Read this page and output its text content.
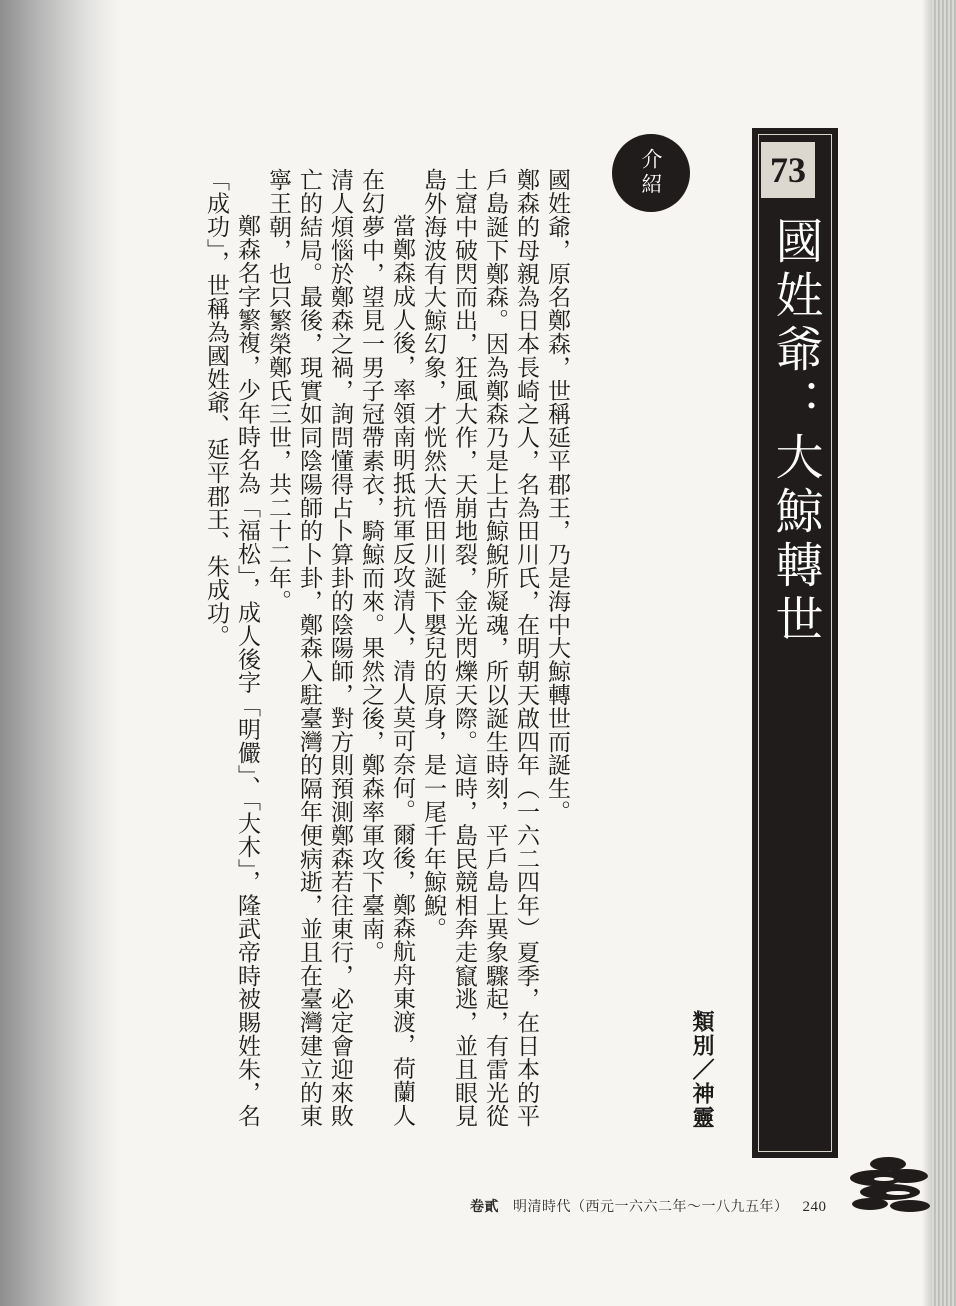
73
國姓爺：大鯨轉世
介紹
類別／神靈

國姓爺，原名鄭森，世稱延平郡王，乃是海中大鯨轉世而誕生。

鄭森的母親為日本長崎之人，名為田川氏，在明朝天啟四年（一六二四年）夏季，在日本的平戶島誕下鄭森。因為鄭森乃是上古鯨鯢所凝魂，所以誕生時刻，平戶島上異象驟起，有雷光從土窟中破閃而出，狂風大作，天崩地裂，金光閃爍天際。這時，島民競相奔走竄逃，並且眼見島外海波有大鯨幻象，才恍然大悟田川誕下嬰兒的原身，是一尾千年鯨鯢。

當鄭森成人後，率領南明抵抗軍反攻清人，清人莫可奈何。爾後，鄭森航舟東渡，荷蘭人在幻夢中，望見一男子冠帶素衣，騎鯨而來。果然之後，鄭森率軍攻下臺南。

清人煩惱於鄭森之禍，詢問懂得占卜算卦的陰陽師，對方則預測鄭森若往東行，必定會迎來敗亡的結局。最後，現實如同陰陽師的卜卦，鄭森入駐臺灣的隔年便病逝，並且在臺灣建立的東寧王朝，也只繁榮鄭氏三世，共二十二年。

鄭森名字繁複，少年時名為「福松」，成人後字「明儼」、「大木」，隆武帝時被賜姓朱，名「成功」，世稱為國姓爺、延平郡王、朱成功。

卷貳 明清時代（西元一六六二年～一八九五年） 240
